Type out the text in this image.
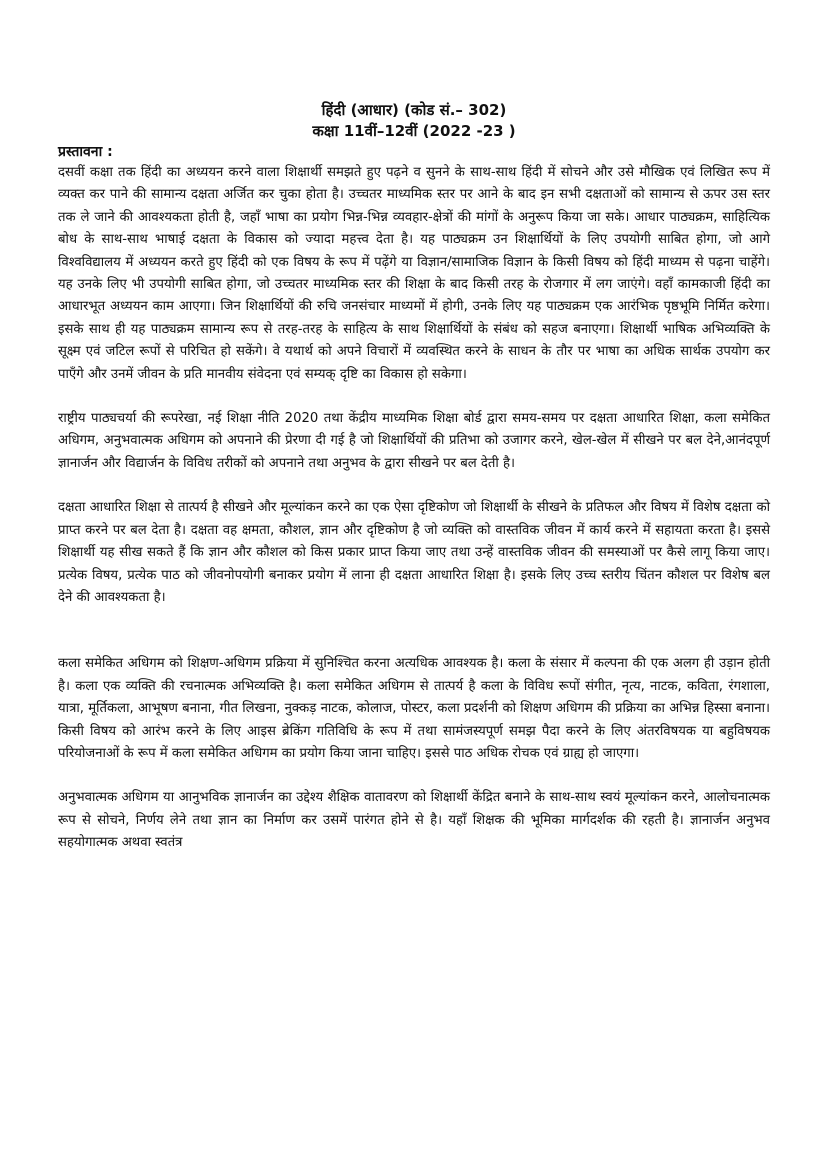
हिंदी (आधार) (कोड सं.– 302)

कक्षा 11वीं–12वीं (2022 -23 )

प्रस्तावना :

दसवीं कक्षा तक हिंदी का अध्ययन करने वाला शिक्षार्थी समझते हुए पढ़ने व सुनने के साथ-साथ हिंदी में सोचने और उसे मौखिक एवं लिखित रूप में व्यक्त कर पाने की सामान्य दक्षता अर्जित कर चुका होता है। उच्चतर माध्यमिक स्तर पर आने के बाद इन सभी दक्षताओं को सामान्य से ऊपर उस स्तर तक ले जाने की आवश्यकता होती है, जहाँ भाषा का प्रयोग भिन्न-भिन्न व्यवहार-क्षेत्रों की मांगों के अनुरूप किया जा सके। आधार पाठ्यक्रम, साहित्यिक बोध के साथ-साथ भाषाई दक्षता के विकास को ज्यादा महत्त्व देता है। यह पाठ्यक्रम उन शिक्षार्थियों के लिए उपयोगी साबित होगा, जो आगे विश्वविद्यालय में अध्ययन करते हुए हिंदी को एक विषय के रूप में पढ़ेंगे या विज्ञान/सामाजिक विज्ञान के किसी विषय को हिंदी माध्यम से पढ़ना चाहेंगे। यह उनके लिए भी उपयोगी साबित होगा, जो उच्चतर माध्यमिक स्तर की शिक्षा के बाद किसी तरह के रोजगार में लग जाएंगे। वहाँ कामकाजी हिंदी का आधारभूत अध्ययन काम आएगा। जिन शिक्षार्थियों की रुचि जनसंचार माध्यमों में होगी, उनके लिए यह पाठ्यक्रम एक आरंभिक पृष्ठभूमि निर्मित करेगा। इसके साथ ही यह पाठ्यक्रम सामान्य रूप से तरह-तरह के साहित्य के साथ शिक्षार्थियों के संबंध को सहज बनाएगा। शिक्षार्थी भाषिक अभिव्यक्ति के सूक्ष्म एवं जटिल रूपों से परिचित हो सकेंगे। वे यथार्थ को अपने विचारों में व्यवस्थित करने के साधन के तौर पर भाषा का अधिक सार्थक उपयोग कर पाएँगे और उनमें जीवन के प्रति मानवीय संवेदना एवं सम्यक् दृष्टि का विकास हो सकेगा।

राष्ट्रीय पाठ्यचर्या की रूपरेखा, नई शिक्षा नीति 2020 तथा केंद्रीय माध्यमिक शिक्षा बोर्ड द्वारा समय-समय पर दक्षता आधारित शिक्षा, कला समेकित अधिगम, अनुभवात्मक अधिगम को अपनाने की प्रेरणा दी गई है जो शिक्षार्थियों की प्रतिभा को उजागर करने, खेल-खेल में सीखने पर बल देने,आनंदपूर्ण ज्ञानार्जन और विद्यार्जन के विविध तरीकों को अपनाने तथा अनुभव के द्वारा सीखने पर बल देती है।

दक्षता आधारित शिक्षा से तात्पर्य है सीखने और मूल्यांकन करने का एक ऐसा दृष्टिकोण जो शिक्षार्थी के सीखने के प्रतिफल और विषय में विशेष दक्षता को प्राप्त करने पर बल देता है। दक्षता वह क्षमता, कौशल, ज्ञान और दृष्टिकोण है जो व्यक्ति को वास्तविक जीवन में कार्य करने में सहायता करता है। इससे शिक्षार्थी यह सीख सकते हैं कि ज्ञान और कौशल को किस प्रकार प्राप्त किया जाए तथा उन्हें वास्तविक जीवन की समस्याओं पर कैसे लागू किया जाए। प्रत्येक विषय, प्रत्येक पाठ को जीवनोपयोगी बनाकर प्रयोग में लाना ही दक्षता आधारित शिक्षा है। इसके लिए उच्च स्तरीय चिंतन कौशल पर विशेष बल देने की आवश्यकता है।

कला समेकित अधिगम को शिक्षण-अधिगम प्रक्रिया में सुनिश्चित करना अत्यधिक आवश्यक है। कला के संसार में कल्पना की एक अलग ही उड़ान होती है। कला एक व्यक्ति की रचनात्मक अभिव्यक्ति है। कला समेकित अधिगम से तात्पर्य है कला के विविध रूपों संगीत, नृत्य, नाटक, कविता, रंगशाला, यात्रा, मूर्तिकला, आभूषण बनाना, गीत लिखना, नुक्कड़ नाटक, कोलाज, पोस्टर, कला प्रदर्शनी को शिक्षण अधिगम की प्रक्रिया का अभिन्न हिस्सा बनाना। किसी विषय को आरंभ करने के लिए आइस ब्रेकिंग गतिविधि के रूप में तथा सामंजस्यपूर्ण समझ पैदा करने के लिए अंतरविषयक या बहुविषयक परियोजनाओं के रूप में कला समेकित अधिगम का प्रयोग किया जाना चाहिए। इससे पाठ अधिक रोचक एवं ग्राह्य हो जाएगा।

अनुभवात्मक अधिगम या आनुभविक ज्ञानार्जन का उद्देश्य शैक्षिक वातावरण को शिक्षार्थी केंद्रित बनाने के साथ-साथ स्वयं मूल्यांकन करने, आलोचनात्मक रूप से सोचने, निर्णय लेने तथा ज्ञान का निर्माण कर उसमें पारंगत होने से है। यहाँ शिक्षक की भूमिका मार्गदर्शक की रहती है। ज्ञानार्जन अनुभव सहयोगात्मक अथवा स्वतंत्र
